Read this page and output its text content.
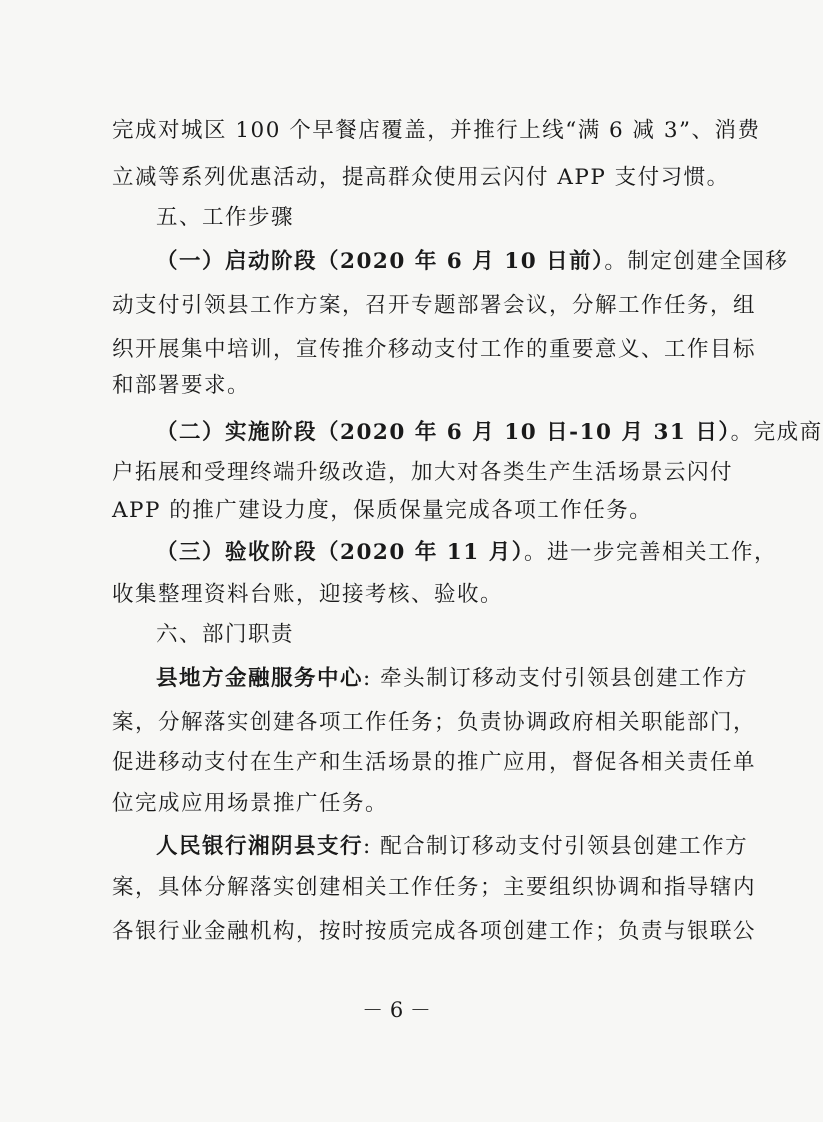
完成对城区 100 个早餐店覆盖，并推行上线“满 6 减 3”、消费
立减等系列优惠活动，提高群众使用云闪付 APP 支付习惯。
五、工作步骤
（一）启动阶段（2020 年 6 月 10 日前）。制定创建全国移
动支付引领县工作方案，召开专题部署会议，分解工作任务，组
织开展集中培训，宣传推介移动支付工作的重要意义、工作目标
和部署要求。
（二）实施阶段（2020 年 6 月 10 日-10 月 31 日）。完成商
户拓展和受理终端升级改造，加大对各类生产生活场景云闪付
APP 的推广建设力度，保质保量完成各项工作任务。
（三）验收阶段（2020 年 11 月）。进一步完善相关工作，
收集整理资料台账，迎接考核、验收。
六、部门职责
县地方金融服务中心: 牵头制订移动支付引领县创建工作方
案，分解落实创建各项工作任务；负责协调政府相关职能部门，
促进移动支付在生产和生活场景的推广应用，督促各相关责任单
位完成应用场景推广任务。
人民银行湘阴县支行: 配合制订移动支付引领县创建工作方
案，具体分解落实创建相关工作任务；主要组织协调和指导辖内
各银行业金融机构，按时按质完成各项创建工作；负责与银联公
－ 6 －
